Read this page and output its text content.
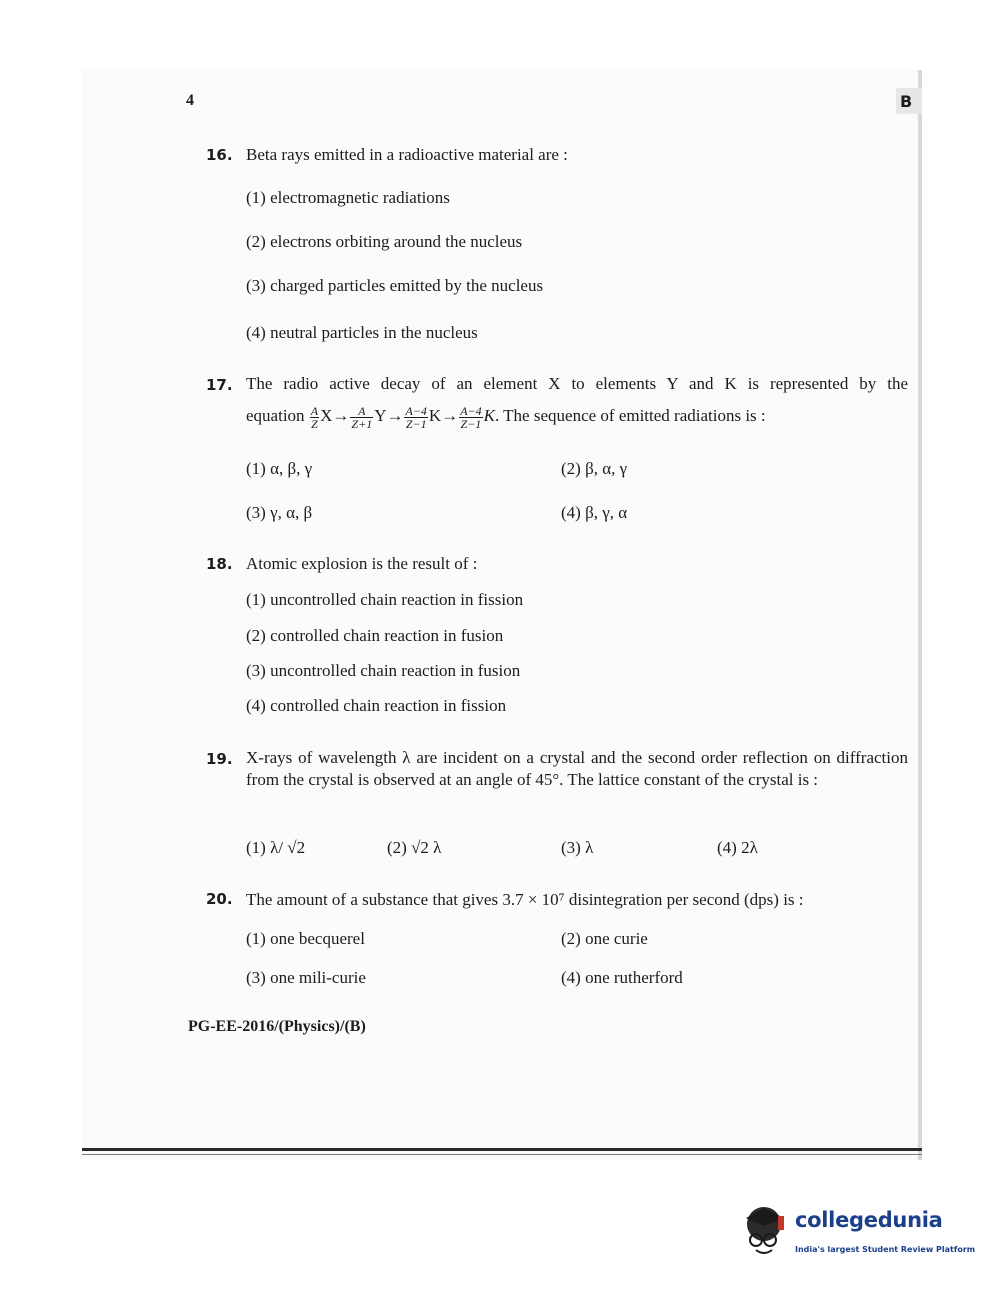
4	B
16. Beta rays emitted in a radioactive material are :
(1) electromagnetic radiations
(2) electrons orbiting around the nucleus
(3) charged particles emitted by the nucleus
(4) neutral particles in the nucleus
17. The radio active decay of an element X to elements Y and K is represented by the
equation $\frac{A}{Z} X\to \frac{A}{Z+1} Y\to \frac{A-4}{Z-1} K\to \frac{A-4}{Z-1} K$. The sequence of emitted radiations is :
(1) α, β, γ	(2) β, α, γ
(3) γ, α, β	(4) β, γ, α
18. Atomic explosion is the result of :
(1) uncontrolled chain reaction in fission
(2) controlled chain reaction in fusion
(3) uncontrolled chain reaction in fusion
(4) controlled chain reaction in fission
19. X-rays of wavelength λ are incident on a crystal and the second order reflection on diffraction from the crystal is observed at an angle of 45°. The lattice constant of the crystal is :
(1) λ/ √2	(2) √2 λ	(3) λ	(4) 2λ
20. The amount of a substance that gives 3.7 × 10⁷ disintegration per second (dps) is :
(1) one becquerel	(2) one curie
(3) one mili-curie	(4) one rutherford
PG-EE-2016/(Physics)/(B)
collegedunia
India's largest Student Review Platform
